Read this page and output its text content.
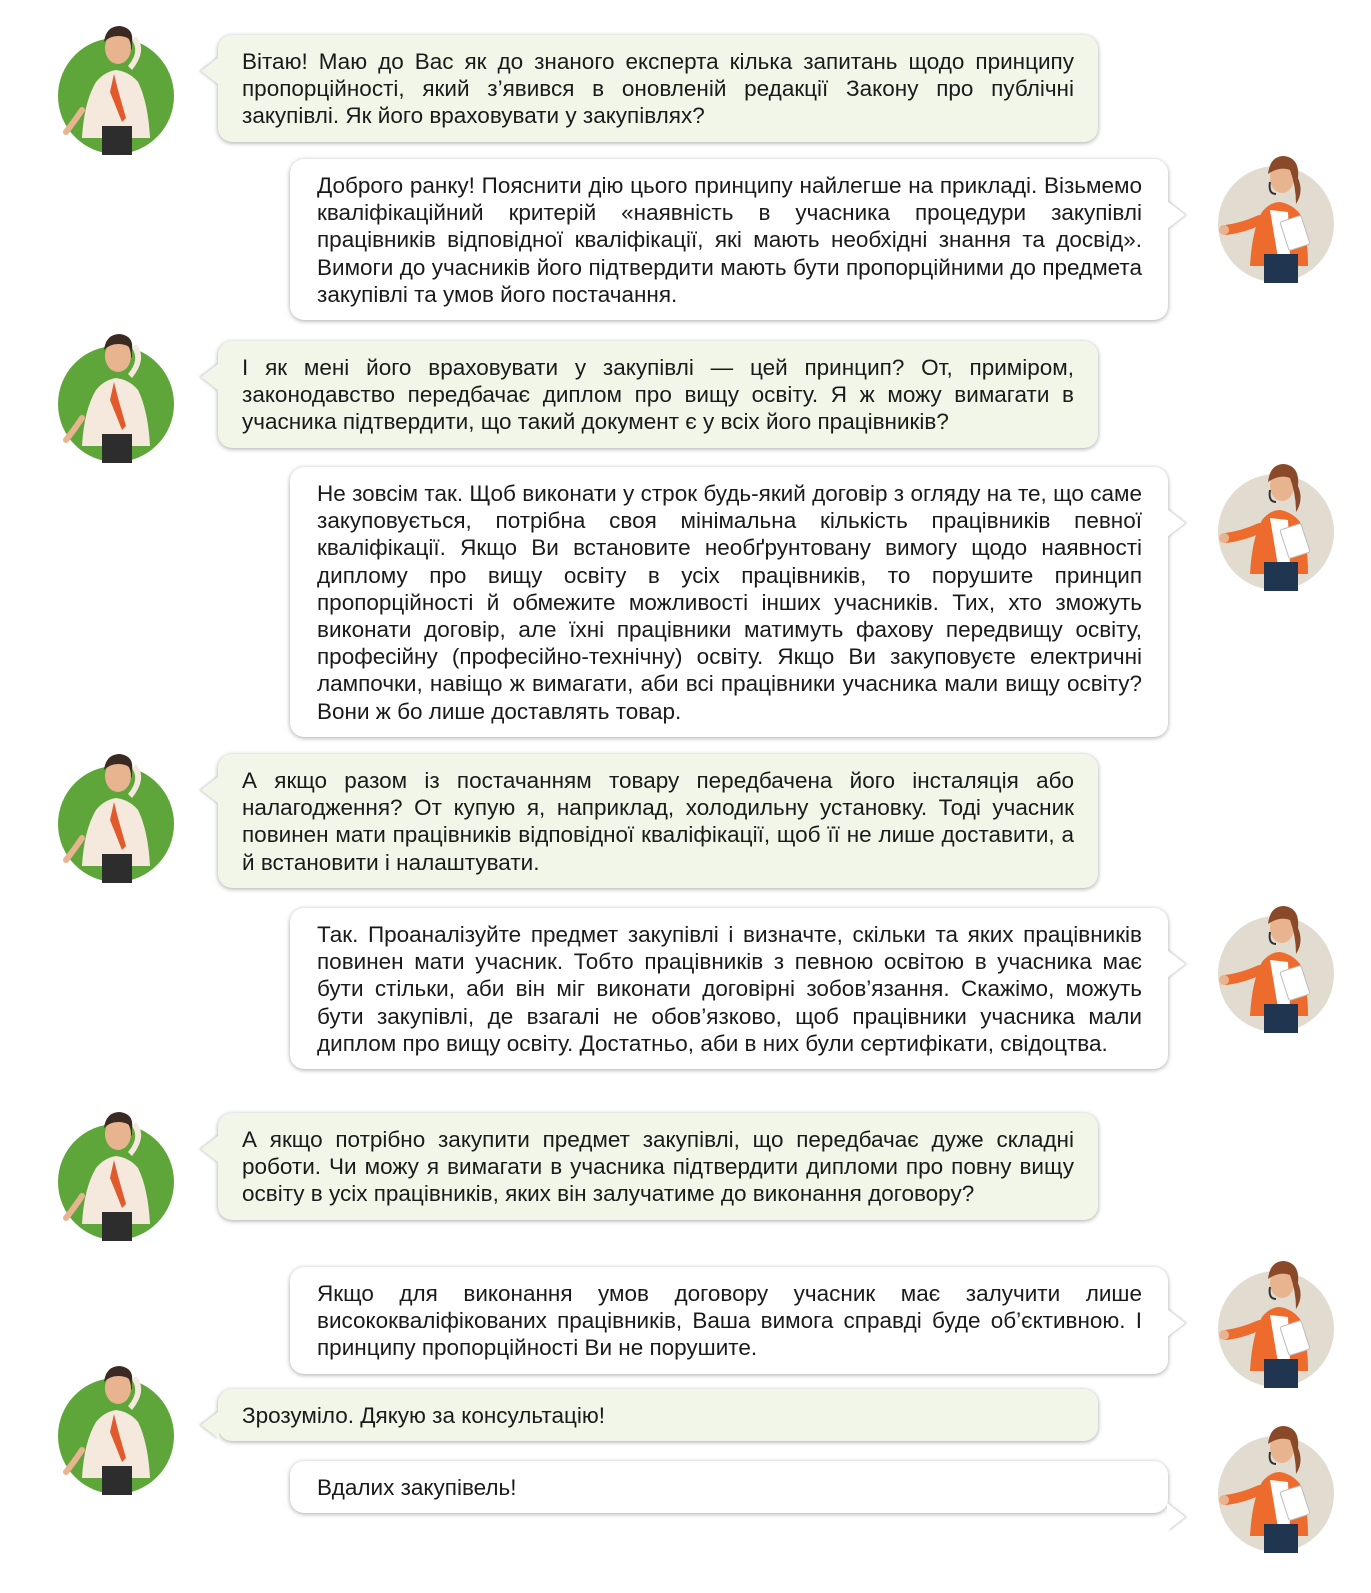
Вітаю! Маю до Вас як до знаного експерта кілька запитань щодо принципу пропорційності, який з’явився в оновленій редакції Закону про публічні закупівлі. Як його враховувати у закупівлях?
Доброго ранку! Пояснити дію цього принципу найлегше на прикладі. Візьмемо кваліфікаційний критерій «наявність в учасника процедури закупівлі працівників відповідної кваліфікації, які мають необхідні знання та досвід». Вимоги до учасників його підтвердити мають бути пропорційними до предмета закупівлі та умов його постачання.
І як мені його враховувати у закупівлі — цей принцип? От, приміром, законодавство передбачає диплом про вищу освіту. Я ж можу вимагати в учасника підтвердити, що такий документ є у всіх його працівників?
Не зовсім так. Щоб виконати у строк будь-який договір з огляду на те, що саме закуповується, потрібна своя мінімальна кількість працівників певної кваліфікації. Якщо Ви встановите необґрунтовану вимогу щодо наявності диплому про вищу освіту в усіх працівників, то порушите принцип пропорційності й обмежите можливості інших учасників. Тих, хто зможуть виконати договір, але їхні працівники матимуть фахову передвищу освіту, професійну (професійно-технічну) освіту. Якщо Ви закуповуєте електричні лампочки, навіщо ж вимагати, аби всі працівники учасника мали вищу освіту? Вони ж бо лише доставлять товар.
А якщо разом із постачанням товару передбачена його інсталяція або налагодження? От купую я, наприклад, холодильну установку. Тоді учасник повинен мати працівників відповідної кваліфікації, щоб її не лише доставити, а й встановити і налаштувати.
Так. Проаналізуйте предмет закупівлі і визначте, скільки та яких працівників повинен мати учасник. Тобто працівників з певною освітою в учасника має бути стільки, аби він міг виконати договірні зобов’язання. Скажімо, можуть бути закупівлі, де взагалі не обов’язково, щоб працівники учасника мали диплом про вищу освіту. Достатньо, аби в них були сертифікати, свідоцтва.
А якщо потрібно закупити предмет закупівлі, що передбачає дуже складні роботи. Чи можу я вимагати в учасника підтвердити дипломи про повну вищу освіту в усіх працівників, яких він залучатиме до виконання договору?
Якщо для виконання умов договору учасник має залучити лише висококваліфікованих працівників, Ваша вимога справді буде об’єктивною. І принципу пропорційності Ви не порушите.
Зрозуміло. Дякую за консультацію!
Вдалих закупівель!
